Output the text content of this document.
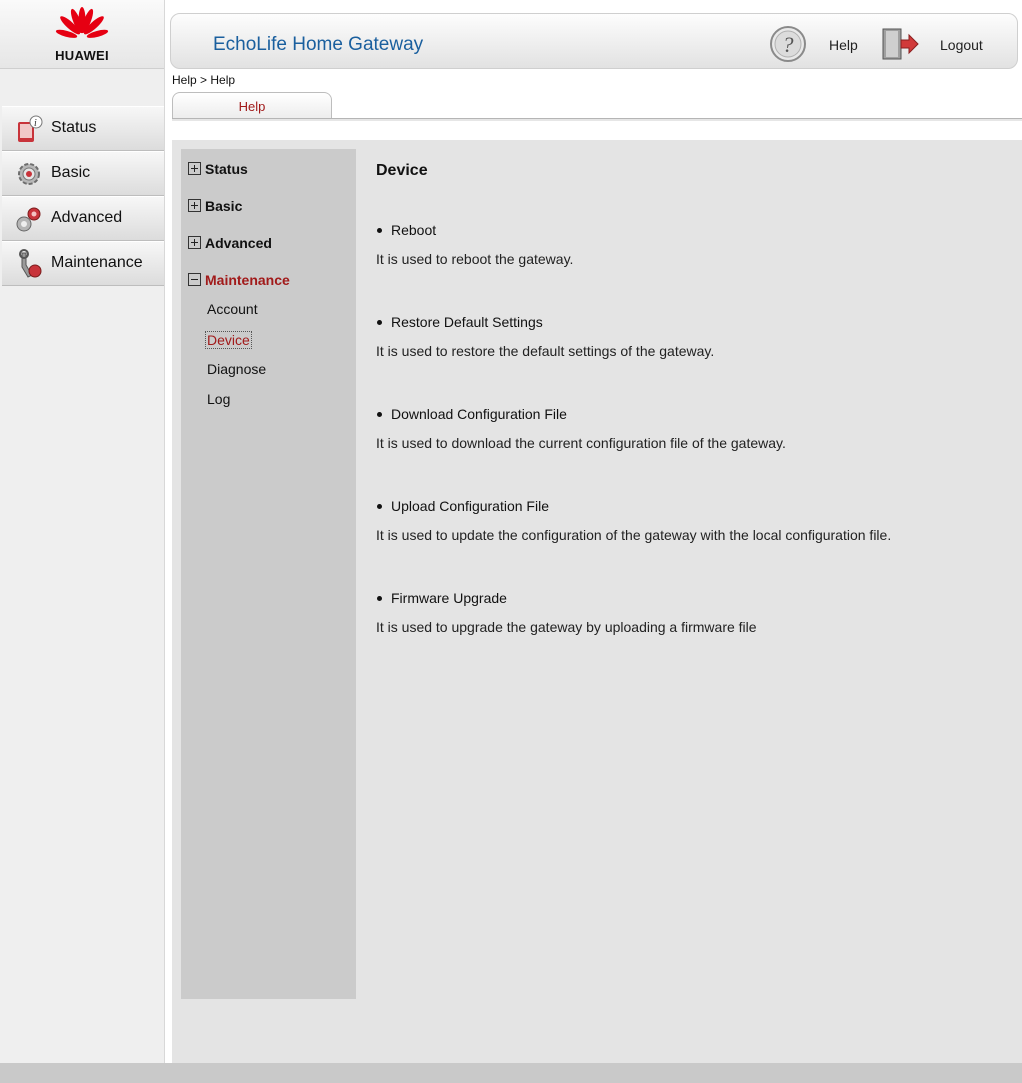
HUAWEI
i Status
Basic
Advanced
Maintenance
EchoLife Home Gateway	?	Help	Logout
Help > Help
Help
Status
Basic
Advanced
Maintenance
Account
Device
Diagnose
Log
Device
Reboot
It is used to reboot the gateway.
Restore Default Settings
It is used to restore the default settings of the gateway.
Download Configuration File
It is used to download the current configuration file of the gateway.
Upload Configuration File
It is used to update the configuration of the gateway with the local configuration file.
Firmware Upgrade
It is used to upgrade the gateway by uploading a firmware file
